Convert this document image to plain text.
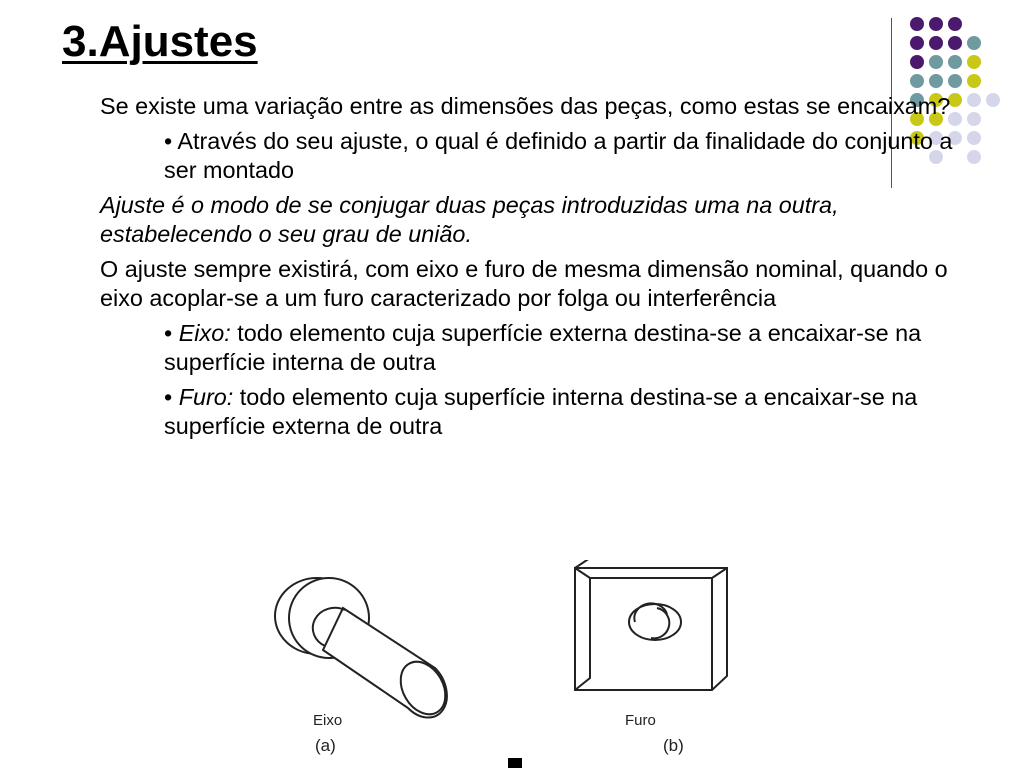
3.Ajustes

Se existe uma variação entre as dimensões das peças, como estas se encaixam?

• Através do seu ajuste, o qual é definido a partir da finalidade do conjunto a ser montado

Ajuste é o modo de se conjugar duas peças introduzidas uma na outra, estabelecendo o seu grau de união.

O ajuste sempre existirá, com eixo e furo de mesma dimensão nominal, quando o eixo acoplar-se a um furo caracterizado por folga ou interferência

• Eixo: todo elemento cuja superfície externa destina-se a encaixar-se na superfície interna de outra

• Furo: todo elemento cuja superfície interna destina-se a encaixar-se na superfície externa de outra

Eixo
(a)
Furo
(b)
